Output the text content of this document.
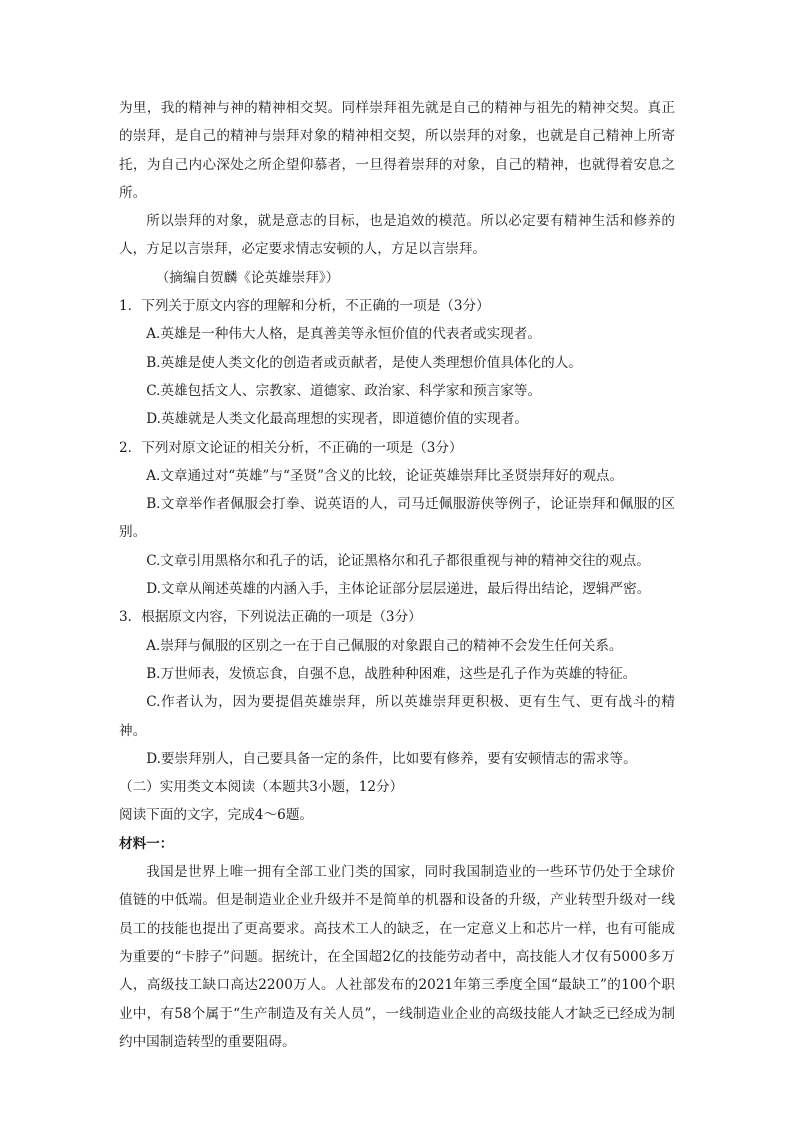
为里，我的精神与神的精神相交契。同样崇拜祖先就是自己的精神与祖先的精神交契。真正的崇拜，是自己的精神与崇拜对象的精神相交契，所以崇拜的对象，也就是自己精神上所寄托，为自己内心深处之所企望仰慕者，一旦得着崇拜的对象，自己的精神，也就得着安息之所。

所以崇拜的对象，就是意志的目标，也是追效的模范。所以必定要有精神生活和修养的人，方足以言崇拜，必定要求情志安顿的人，方足以言崇拜。

（摘编自贺麟《论英雄崇拜》）

1．下列关于原文内容的理解和分析，不正确的一项是（3分）

A.英雄是一种伟大人格，是真善美等永恒价值的代表者或实现者。

B.英雄是使人类文化的创造者或贡献者，是使人类理想价值具体化的人。

C.英雄包括文人、宗教家、道德家、政治家、科学家和预言家等。

D.英雄就是人类文化最高理想的实现者，即道德价值的实现者。

2．下列对原文论证的相关分析，不正确的一项是（3分）

A.文章通过对“英雄”与“圣贤”含义的比较，论证英雄崇拜比圣贤崇拜好的观点。

B.文章举作者佩服会打拳、说英语的人，司马迁佩服游侠等例子，论证崇拜和佩服的区别。

C.文章引用黑格尔和孔子的话，论证黑格尔和孔子都很重视与神的精神交往的观点。

D.文章从阐述英雄的内涵入手，主体论证部分层层递进，最后得出结论，逻辑严密。

3．根据原文内容，下列说法正确的一项是（3分）

A.崇拜与佩服的区别之一在于自己佩服的对象跟自己的精神不会发生任何关系。

B.万世师表，发愤忘食，自强不息，战胜种种困难，这些是孔子作为英雄的特征。

C.作者认为，因为要提倡英雄崇拜，所以英雄崇拜更积极、更有生气、更有战斗的精神。

D.要崇拜别人，自己要具备一定的条件，比如要有修养，要有安顿情志的需求等。

（二）实用类文本阅读（本题共3小题，12分）

阅读下面的文字，完成4～6题。

材料一：

我国是世界上唯一拥有全部工业门类的国家，同时我国制造业的一些环节仍处于全球价值链的中低端。但是制造业企业升级并不是简单的机器和设备的升级，产业转型升级对一线员工的技能也提出了更高要求。高技术工人的缺乏，在一定意义上和芯片一样，也有可能成为重要的“卡脖子”问题。据统计，在全国超2亿的技能劳动者中，高技能人才仅有5000多万人，高级技工缺口高达2200万人。人社部发布的2021年第三季度全国“最缺工”的100个职业中，有58个属于“生产制造及有关人员”，一线制造业企业的高级技能人才缺乏已经成为制约中国制造转型的重要阻碍。
